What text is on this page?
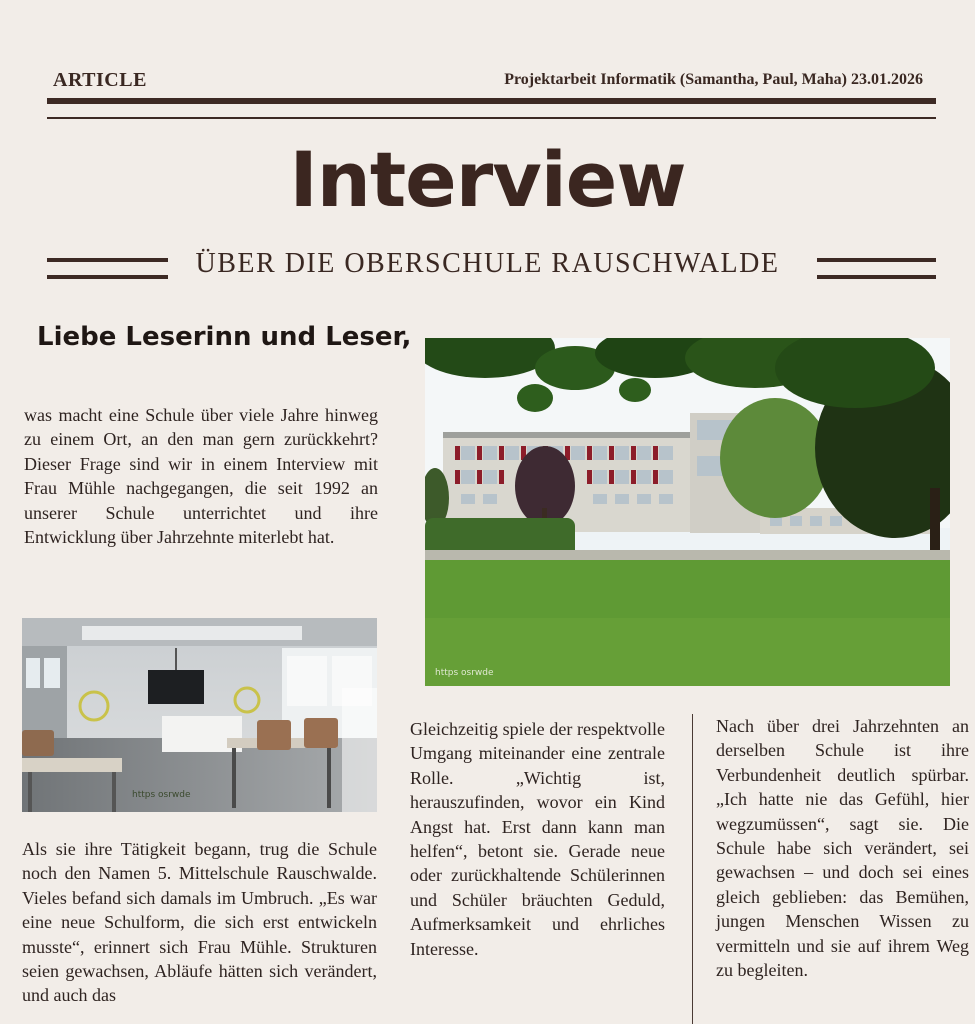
ARTICLE	Projektarbeit Informatik (Samantha, Paul, Maha) 23.01.2026
Interview
ÜBER DIE OBERSCHULE RAUSCHWALDE
Liebe Leserinn und Leser,
was macht eine Schule über viele Jahre hinweg zu einem Ort, an den man gern zurückkehrt? Dieser Frage sind wir in einem Interview mit Frau Mühle nachgegangen, die seit 1992 an unserer Schule unterrichtet und ihre Entwicklung über Jahrzehnte miterlebt hat.
https osrwde
https osrwde
Als sie ihre Tätigkeit begann, trug die Schule noch den Namen 5. Mittelschule Rauschwalde. Vieles befand sich damals im Umbruch. „Es war eine neue Schulform, die sich erst entwickeln musste“, erinnert sich Frau Mühle. Strukturen seien gewachsen, Abläufe hätten sich verändert, und auch das
Gleichzeitig spiele der respektvolle Umgang miteinander eine zentrale Rolle. „Wichtig ist, herauszufinden, wovor ein Kind Angst hat. Erst dann kann man helfen“, betont sie. Gerade neue oder zurückhaltende Schülerinnen und Schüler bräuchten Geduld, Aufmerksamkeit und ehrliches Interesse.
Nach über drei Jahrzehnten an derselben Schule ist ihre Verbundenheit deutlich spürbar. „Ich hatte nie das Gefühl, hier wegzumüssen“, sagt sie. Die Schule habe sich verändert, sei gewachsen – und doch sei eines gleich geblieben: das Bemühen, jungen Menschen Wissen zu vermitteln und sie auf ihrem Weg zu begleiten.
